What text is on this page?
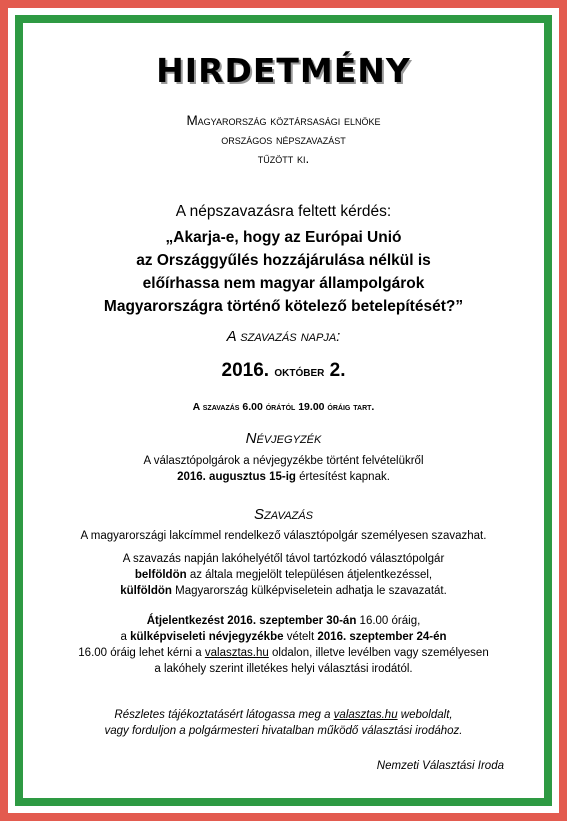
HIRDETMÉNY
Magyarország köztársasági elnöke
országos népszavazást
tűzött ki.
A népszavazásra feltett kérdés:
„Akarja-e, hogy az Európai Unió
az Országgyűlés hozzájárulása nélkül is
előírhassa nem magyar állampolgárok
Magyarországra történő kötelező betelepítését?”
A szavazás napja:
2016. október 2.
A szavazás 6.00 órától 19.00 óráig tart.
Névjegyzék
A választópolgárok a névjegyzékbe történt felvételükről
2016. augusztus 15-ig értesítést kapnak.
Szavazás
A magyarországi lakcímmel rendelkező választópolgár személyesen szavazhat.
A szavazás napján lakóhelyétől távol tartózkodó választópolgár
belföldön az általa megjelölt településen átjelentkezéssel,
külföldön Magyarország külképviseletein adhatja le szavazatát.
Átjelentkezést 2016. szeptember 30-án 16.00 óráig,
a külképviseleti névjegyzékbe vételt 2016. szeptember 24-én
16.00 óráig lehet kérni a valasztas.hu oldalon, illetve levélben vagy személyesen
a lakóhely szerint illetékes helyi választási irodától.
Részletes tájékoztatásért látogassa meg a valasztas.hu weboldalt,
vagy forduljon a polgármesteri hivatalban működő választási irodához.
Nemzeti Választási Iroda
